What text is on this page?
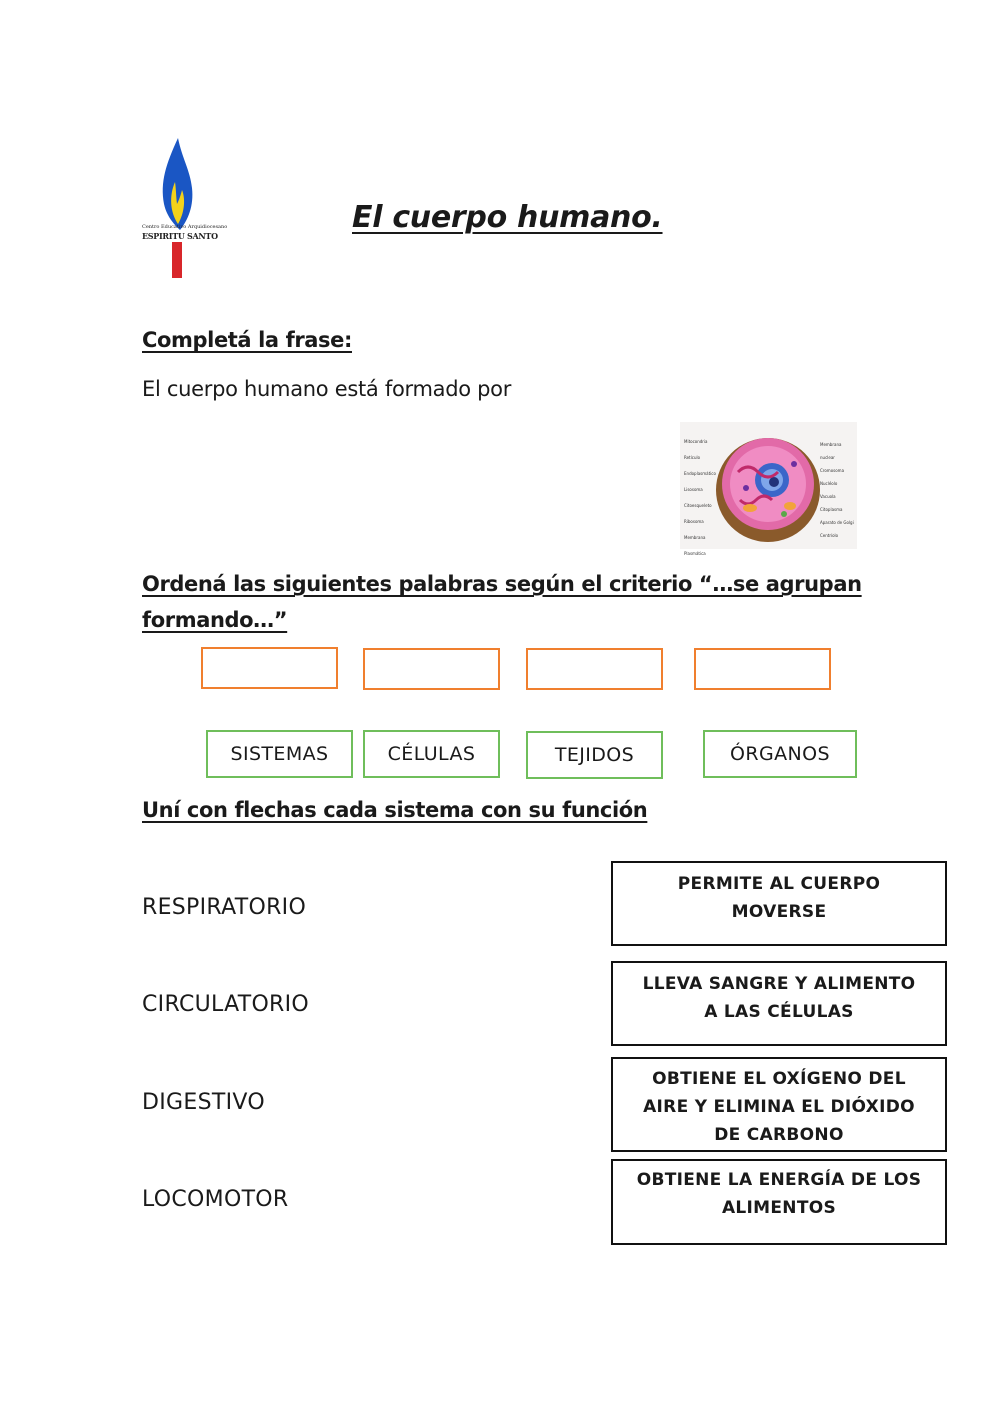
Centro Educativo Arquidiocesano
ESPIRITU SANTO
El cuerpo humano.
Completá la frase:
El cuerpo humano está formado por
Mitocondria
Retículo Endoplasmático
Lisosoma
Citoesqueleto
Ribosoma
Membrana Plasmática
Membrana nuclear
Cromosoma
Nucléolo
Vacuola
Citoplasma
Aparato de Golgi
Centríolo
Ordená las siguientes palabras según el criterio “…se agrupan
formando…”
SISTEMAS	CÉLULAS	TEJIDOS	ÓRGANOS
Uní con flechas cada sistema con su función
RESPIRATORIO
CIRCULATORIO
DIGESTIVO
LOCOMOTOR
PERMITE AL CUERPO
MOVERSE
LLEVA SANGRE Y ALIMENTO
A LAS CÉLULAS
OBTIENE EL OXÍGENO DEL
AIRE Y ELIMINA EL DIÓXIDO
DE CARBONO
OBTIENE LA ENERGÍA DE LOS
ALIMENTOS
